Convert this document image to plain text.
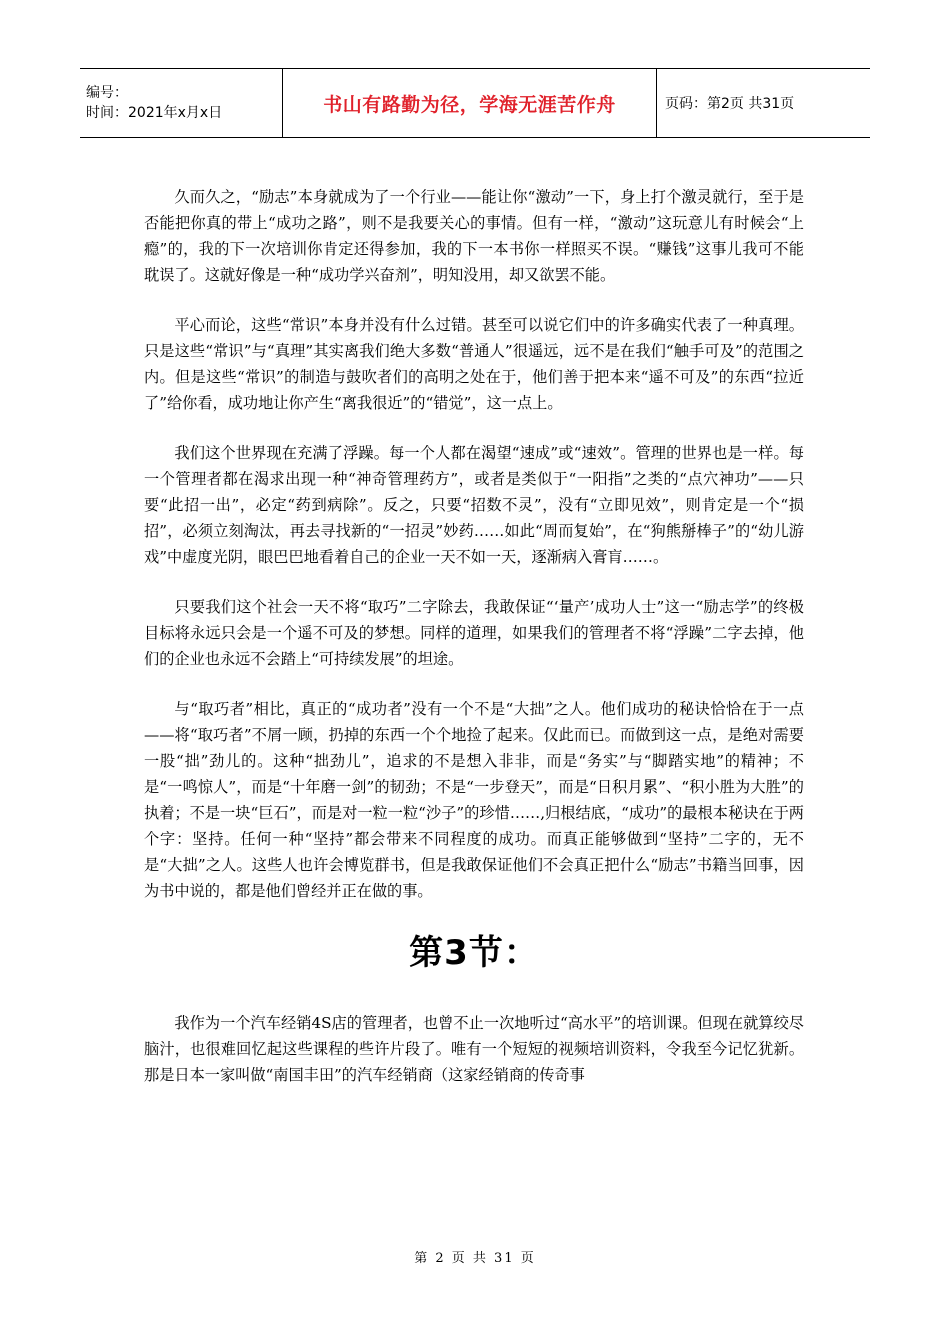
编号：
时间：2021年x月x日	书山有路勤为径，学海无涯苦作舟	页码：第2页 共31页

久而久之，“励志”本身就成为了一个行业——能让你“激动”一下，身上打个激灵就行，至于是否能把你真的带上“成功之路”，则不是我要关心的事情。但有一样，“激动”这玩意儿有时候会“上瘾”的，我的下一次培训你肯定还得参加，我的下一本书你一样照买不误。“赚钱”这事儿我可不能耽误了。这就好像是一种“成功学兴奋剂”，明知没用，却又欲罢不能。

平心而论，这些“常识”本身并没有什么过错。甚至可以说它们中的许多确实代表了一种真理。只是这些“常识”与“真理”其实离我们绝大多数“普通人”很遥远，远不是在我们“触手可及”的范围之内。但是这些“常识”的制造与鼓吹者们的高明之处在于，他们善于把本来“遥不可及”的东西“拉近了”给你看，成功地让你产生“离我很近”的“错觉”，这一点上。

我们这个世界现在充满了浮躁。每一个人都在渴望“速成”或“速效”。管理的世界也是一样。每一个管理者都在渴求出现一种“神奇管理药方”，或者是类似于“一阳指”之类的“点穴神功”——只要“此招一出”，必定“药到病除”。反之，只要“招数不灵”，没有“立即见效”，则肯定是一个“损招”，必须立刻淘汰，再去寻找新的“一招灵”妙药……如此“周而复始”，在“狗熊掰棒子”的“幼儿游戏”中虚度光阴，眼巴巴地看着自己的企业一天不如一天，逐渐病入膏肓……。

只要我们这个社会一天不将“取巧”二字除去，我敢保证“‘量产’成功人士”这一“励志学”的终极目标将永远只会是一个遥不可及的梦想。同样的道理，如果我们的管理者不将“浮躁”二字去掉，他们的企业也永远不会踏上“可持续发展”的坦途。

与“取巧者”相比，真正的“成功者”没有一个不是“大拙”之人。他们成功的秘诀恰恰在于一点——将“取巧者”不屑一顾，扔掉的东西一个个地捡了起来。仅此而已。而做到这一点，是绝对需要一股“拙”劲儿的。这种“拙劲儿”，追求的不是想入非非，而是“务实”与“脚踏实地”的精神；不是“一鸣惊人”，而是“十年磨一剑”的韧劲；不是“一步登天”，而是“日积月累”、“积小胜为大胜”的执着；不是一块“巨石”，而是对一粒一粒“沙子”的珍惜……,归根结底，“成功”的最根本秘诀在于两个字：坚持。任何一种“坚持”都会带来不同程度的成功。而真正能够做到“坚持”二字的，无不是“大拙”之人。这些人也许会博览群书，但是我敢保证他们不会真正把什么“励志”书籍当回事，因为书中说的，都是他们曾经并正在做的事。

第3节：

我作为一个汽车经销4S店的管理者，也曾不止一次地听过“高水平”的培训课。但现在就算绞尽脑汁，也很难回忆起这些课程的些许片段了。唯有一个短短的视频培训资料，令我至今记忆犹新。那是日本一家叫做“南国丰田”的汽车经销商（这家经销商的传奇事

第 2 页 共 31 页
